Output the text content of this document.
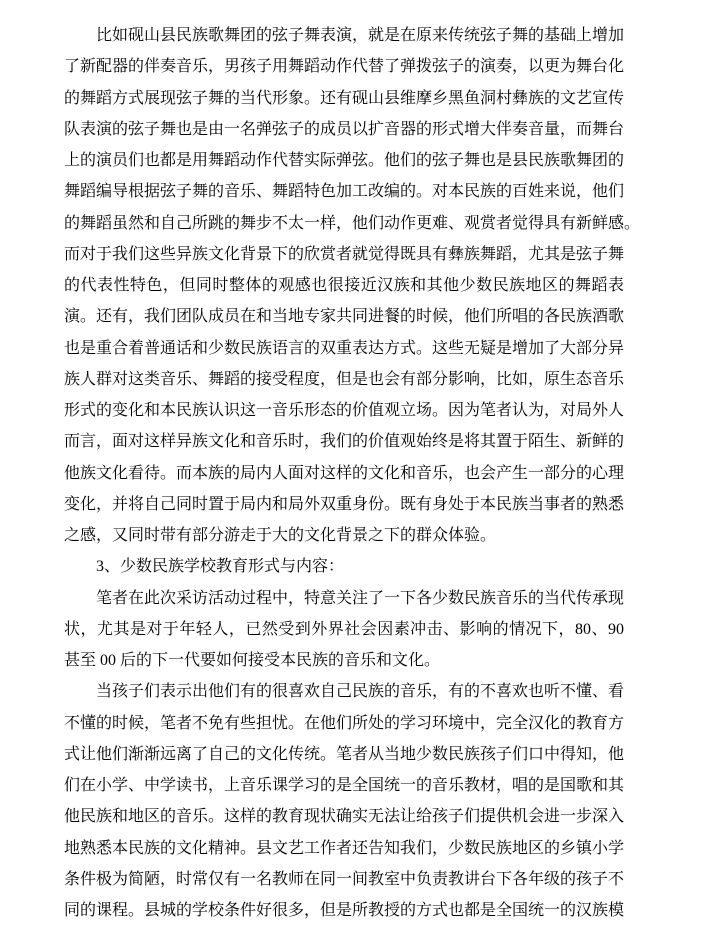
比如砚山县民族歌舞团的弦子舞表演，就是在原来传统弦子舞的基础上增加
了新配器的伴奏音乐，男孩子用舞蹈动作代替了弹拨弦子的演奏，以更为舞台化
的舞蹈方式展现弦子舞的当代形象。还有砚山县维摩乡黑鱼洞村彝族的文艺宣传
队表演的弦子舞也是由一名弹弦子的成员以扩音器的形式增大伴奏音量，而舞台
上的演员们也都是用舞蹈动作代替实际弹弦。他们的弦子舞也是县民族歌舞团的
舞蹈编导根据弦子舞的音乐、舞蹈特色加工改编的。对本民族的百姓来说，他们
的舞蹈虽然和自己所跳的舞步不太一样，他们动作更难、观赏者觉得具有新鲜感。
而对于我们这些异族文化背景下的欣赏者就觉得既具有彝族舞蹈，尤其是弦子舞
的代表性特色，但同时整体的观感也很接近汉族和其他少数民族地区的舞蹈表
演。还有，我们团队成员在和当地专家共同进餐的时候，他们所唱的各民族酒歌
也是重合着普通话和少数民族语言的双重表达方式。这些无疑是增加了大部分异
族人群对这类音乐、舞蹈的接受程度，但是也会有部分影响，比如，原生态音乐
形式的变化和本民族认识这一音乐形态的价值观立场。因为笔者认为，对局外人
而言，面对这样异族文化和音乐时，我们的价值观始终是将其置于陌生、新鲜的
他族文化看待。而本族的局内人面对这样的文化和音乐，也会产生一部分的心理
变化，并将自己同时置于局内和局外双重身份。既有身处于本民族当事者的熟悉
之感，又同时带有部分游走于大的文化背景之下的群众体验。
3、少数民族学校教育形式与内容：
笔者在此次采访活动过程中，特意关注了一下各少数民族音乐的当代传承现
状，尤其是对于年轻人，已然受到外界社会因素冲击、影响的情况下，80、90
甚至 00 后的下一代要如何接受本民族的音乐和文化。
当孩子们表示出他们有的很喜欢自己民族的音乐，有的不喜欢也听不懂、看
不懂的时候，笔者不免有些担忧。在他们所处的学习环境中，完全汉化的教育方
式让他们渐渐远离了自己的文化传统。笔者从当地少数民族孩子们口中得知，他
们在小学、中学读书，上音乐课学习的是全国统一的音乐教材，唱的是国歌和其
他民族和地区的音乐。这样的教育现状确实无法让给孩子们提供机会进一步深入
地熟悉本民族的文化精神。县文艺工作者还告知我们，少数民族地区的乡镇小学
条件极为简陋，时常仅有一名教师在同一间教室中负责教讲台下各年级的孩子不
同的课程。县城的学校条件好很多，但是所教授的方式也都是全国统一的汉族模
